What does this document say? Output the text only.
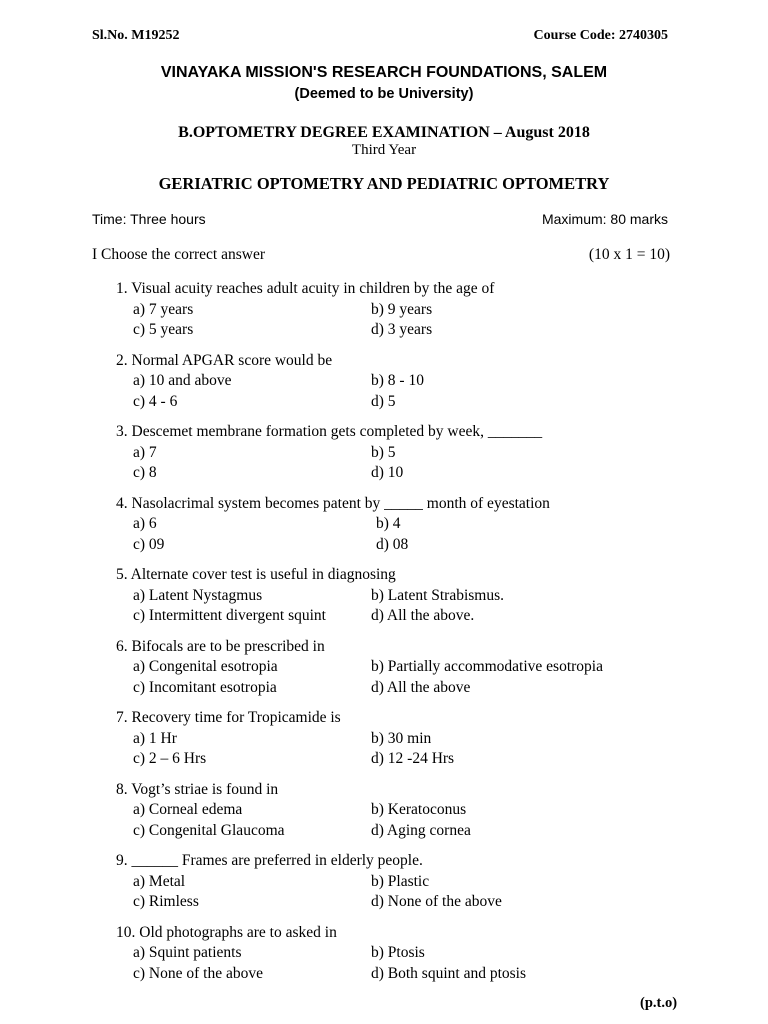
Sl.No. M19252	Course Code: 2740305
VINAYAKA MISSION'S RESEARCH FOUNDATIONS, SALEM
(Deemed to be University)
B.OPTOMETRY DEGREE EXAMINATION – August 2018
Third Year
GERIATRIC OPTOMETRY AND PEDIATRIC OPTOMETRY
Time: Three hours	Maximum: 80 marks
I Choose the correct answer	(10 x 1 = 10)
1. Visual acuity reaches adult acuity in children by the age of
a) 7 years	b) 9 years
c) 5 years	d) 3 years
2. Normal APGAR score would be
a) 10 and above	b) 8 - 10
c) 4 - 6	d) 5
3. Descemet membrane formation gets completed by week, _______
a) 7	b) 5
c) 8	d) 10
4. Nasolacrimal system becomes patent by _____ month of eyestation
a) 6	b) 4
c) 09	d) 08
5. Alternate cover test is useful in diagnosing
a) Latent Nystagmus	b) Latent Strabismus.
c) Intermittent divergent squint	d) All the above.
6. Bifocals are to be prescribed in
a) Congenital esotropia	b) Partially accommodative esotropia
c) Incomitant esotropia	d) All the above
7. Recovery time for Tropicamide is
a) 1 Hr	b) 30 min
c) 2 – 6 Hrs	d) 12 -24 Hrs
8. Vogt’s striae is found in
a) Corneal edema	b) Keratoconus
c) Congenital Glaucoma	d) Aging cornea
9. ______ Frames are preferred in elderly people.
a) Metal	b) Plastic
c) Rimless	d) None of the above
10. Old photographs are to asked in
a) Squint patients	b) Ptosis
c) None of the above	d) Both squint and ptosis
(p.t.o)
